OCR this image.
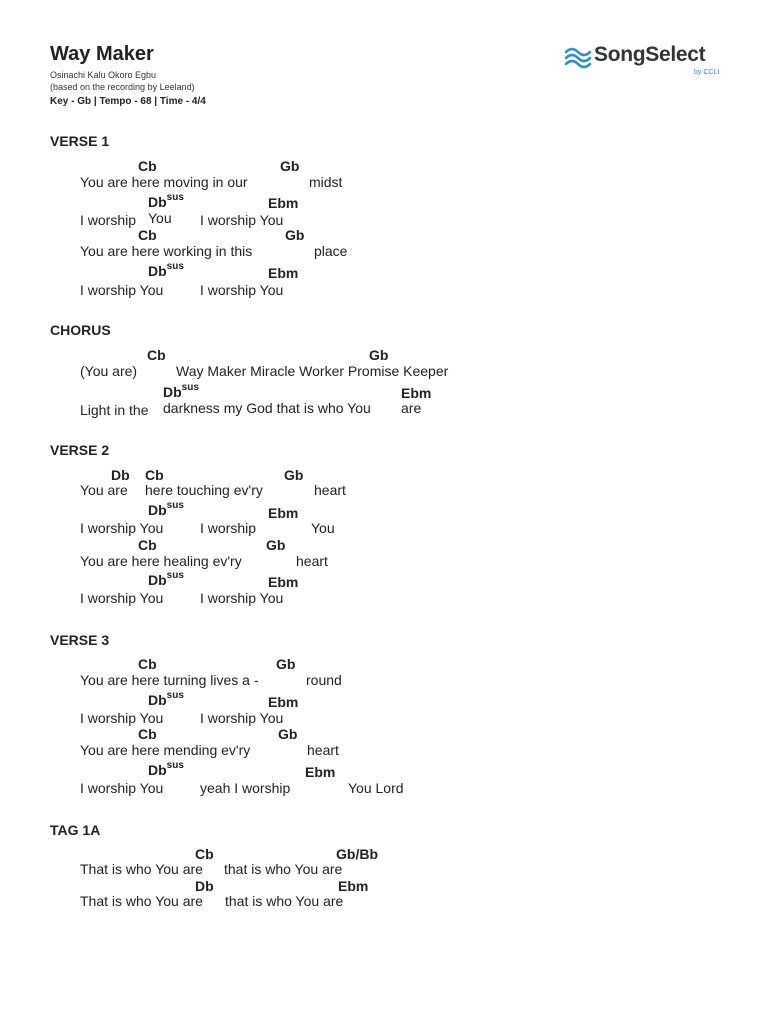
Way Maker
Osinachi Kalu Okoro Egbu
(based on the recording by Leeland)
Key - Gb | Tempo - 68 | Time - 4/4
SongSelect
by CCLI
VERSE 1
Cb	Gb
You are here moving in our	midst
$Db^{sus}$	Ebm
I worship You I worship You
Cb	Gb
You are here working in this	place
$Db^{sus}$	Ebm
I worship You	I worship You
CHORUS
Cb	Gb
(You are)	Way Maker Miracle Worker Promise Keeper
$Db^{sus}$	Ebm
Light in the darkness my God that is who You are
VERSE 2
Db Cb	Gb
You are here touching ev'ry	heart
$Db^{sus}$	Ebm
I worship You	I worship	You
Cb	Gb
You are here healing ev'ry	heart
$Db^{sus}$	Ebm
I worship You	I worship You
VERSE 3
Cb	Gb
You are here turning lives a -	round
$Db^{sus}$	Ebm
I worship You	I worship You
Cb	Gb
You are here mending ev'ry	heart
$Db^{sus}$	Ebm
I worship You	yeah I worship	You Lord
TAG 1A
Cb	Gb/Bb
That is who You are that is who You are
Db	Ebm
That is who You are that is who You are
